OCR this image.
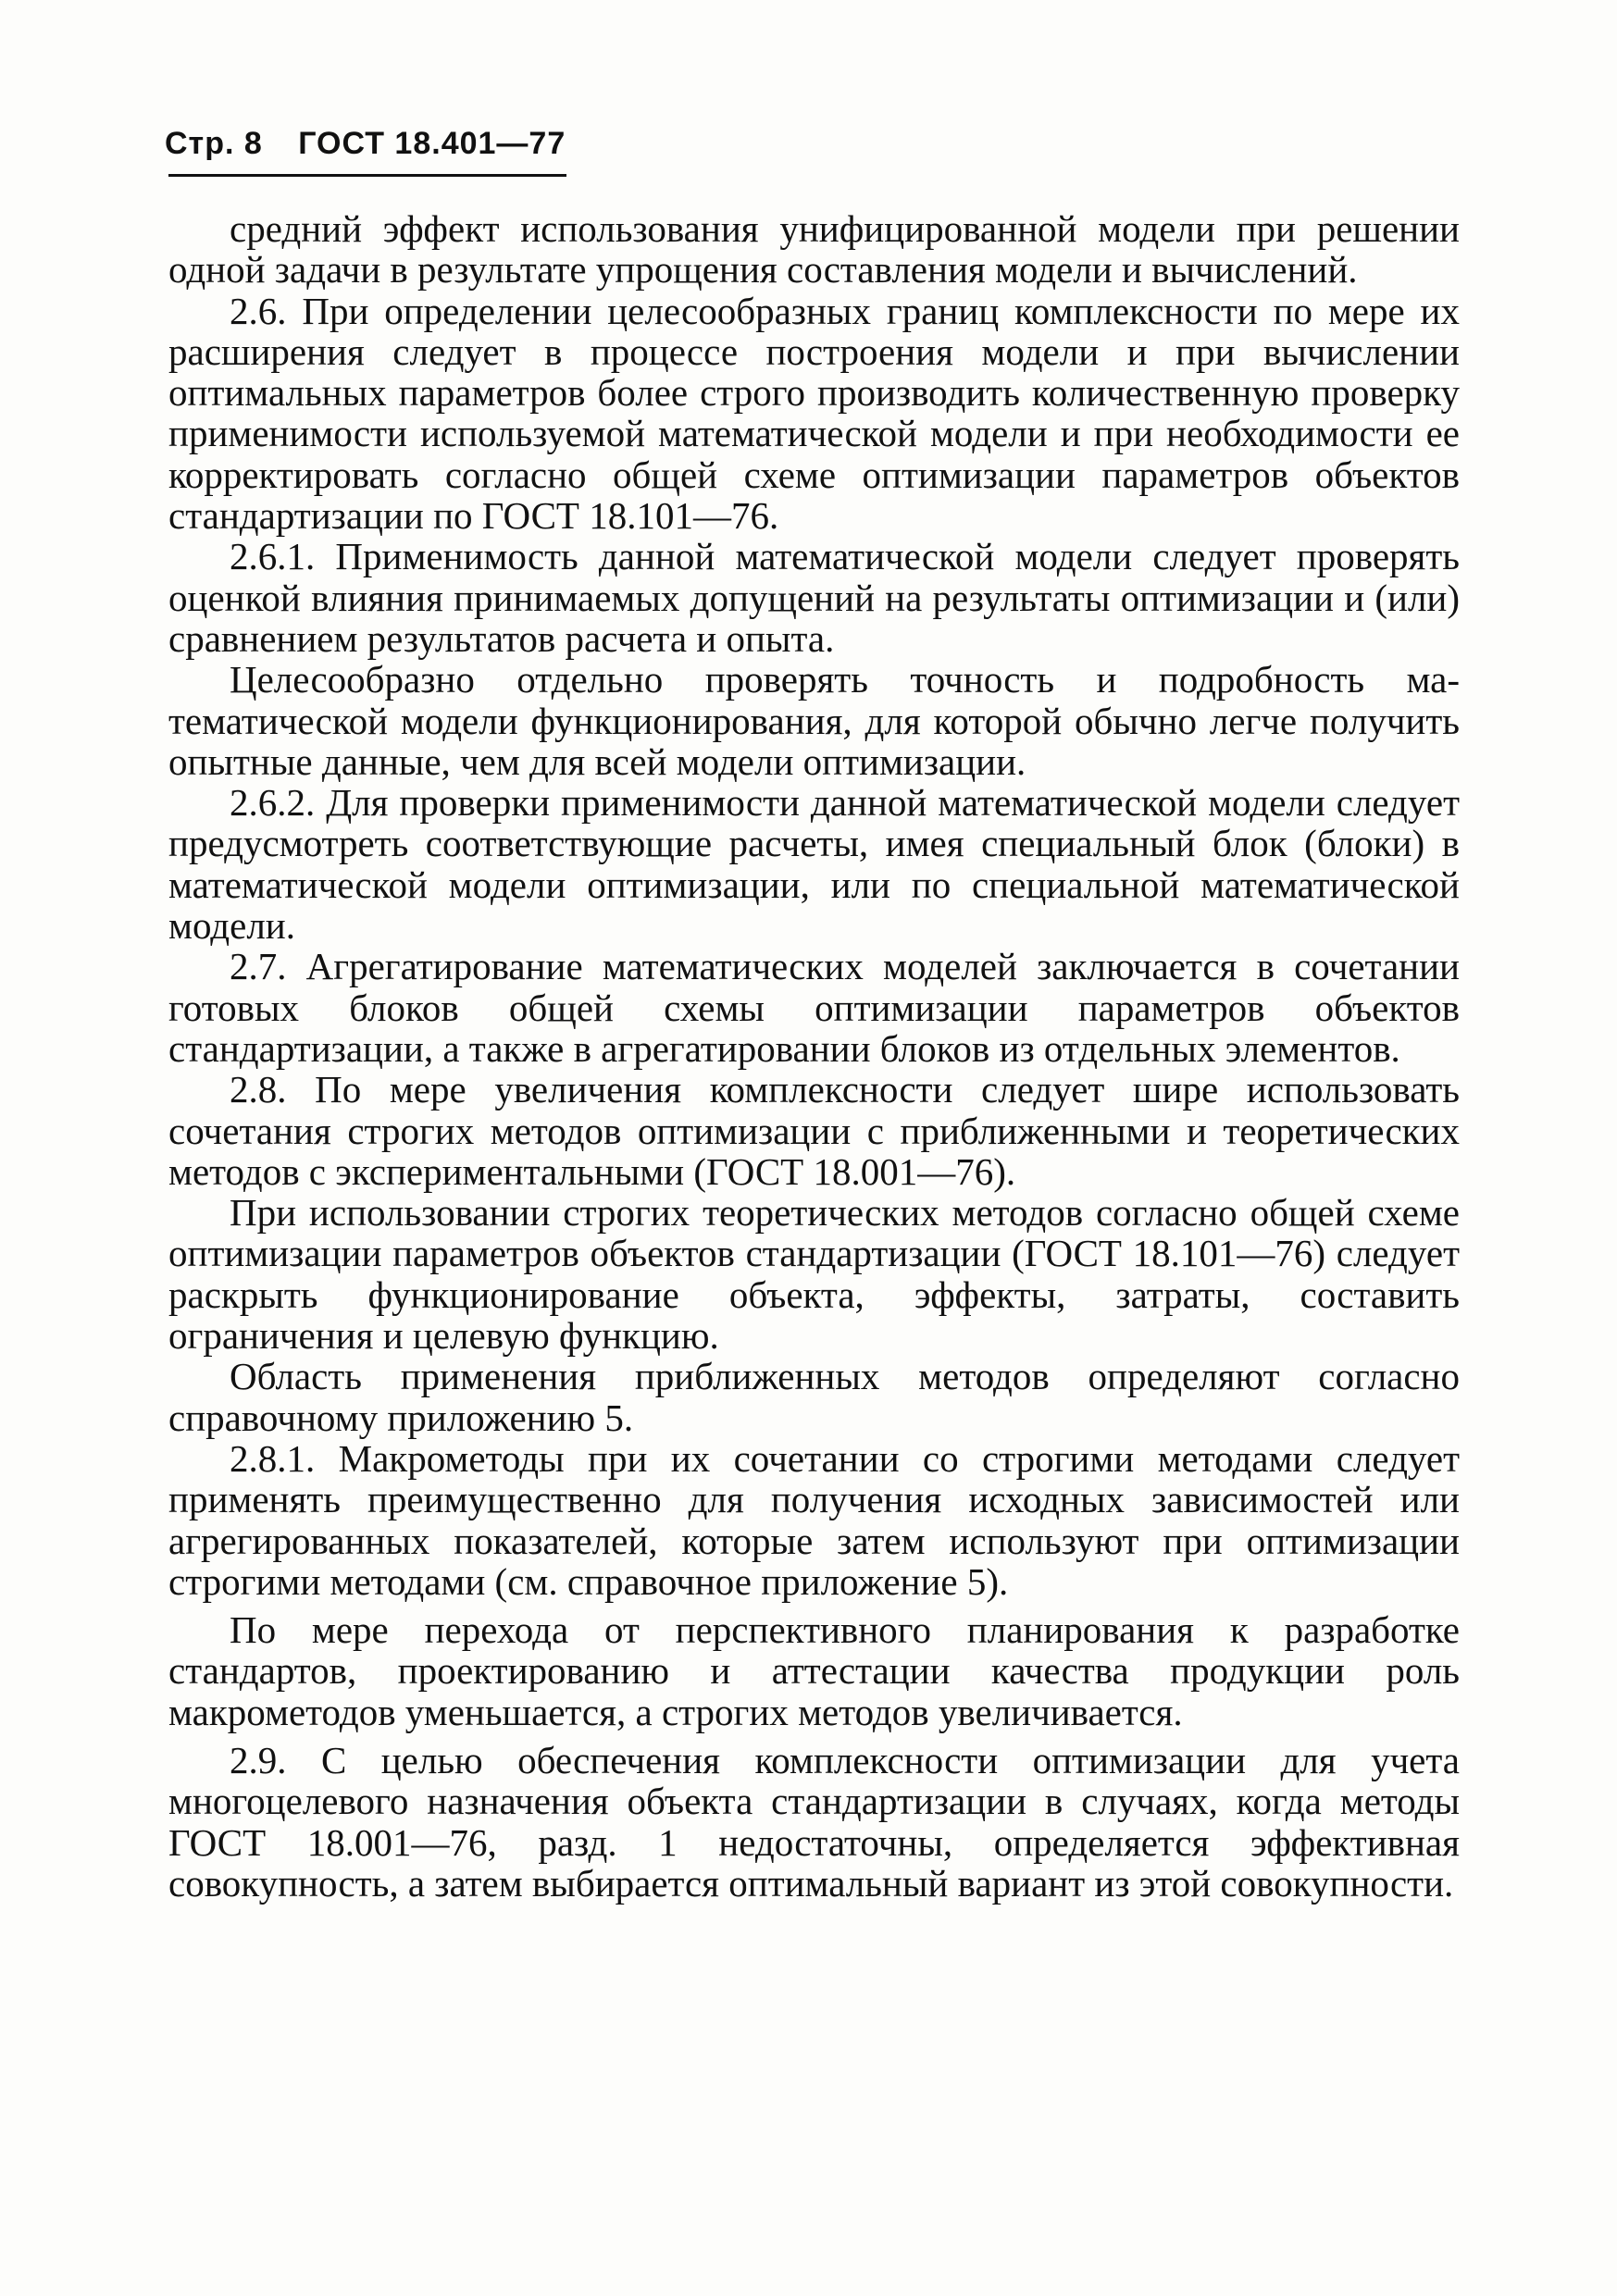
Стр. 8 ГОСТ 18.401—77

средний эффект использования унифицированной модели при решении одной задачи в результате упрощения составления модели и вычислений.

2.6. При определении целесообразных границ комплексности по мере их расширения следует в процессе построения модели и при вычислении оптимальных параметров более строго производить количественную проверку применимости используемой математической модели и при необходимости ее корректировать согласно общей схеме оптимизации параметров объектов стандартизации по ГОСТ 18.101—76.

2.6.1. Применимость данной математической модели следует проверять оценкой влияния принимаемых допущений на результаты оптимизации и (или) сравнением результатов расчета и опыта.

Целесообразно отдельно проверять точность и подробность математической модели функционирования, для которой обычно легче получить опытные данные, чем для всей модели оптимизации.

2.6.2. Для проверки применимости данной математической модели следует предусмотреть соответствующие расчеты, имея специальный блок (блоки) в математической модели оптимизации, или по специальной математической модели.

2.7. Агрегатирование математических моделей заключается в сочетании готовых блоков общей схемы оптимизации параметров объектов стандартизации, а также в агрегатировании блоков из отдельных элементов.

2.8. По мере увеличения комплексности следует шире использовать сочетания строгих методов оптимизации с приближенными и теоретических методов с экспериментальными (ГОСТ 18.001—76).

При использовании строгих теоретических методов согласно общей схеме оптимизации параметров объектов стандартизации (ГОСТ 18.101—76) следует раскрыть функционирование объекта, эффекты, затраты, составить ограничения и целевую функцию.

Область применения приближенных методов определяют согласно справочному приложению 5.

2.8.1. Макрометоды при их сочетании со строгими методами следует применять преимущественно для получения исходных зависимостей или агрегированных показателей, которые затем используют при оптимизации строгими методами (см. справочное приложение 5).

По мере перехода от перспективного планирования к разработке стандартов, проектированию и аттестации качества продукции роль макрометодов уменьшается, а строгих методов увеличивается.

2.9. С целью обеспечения комплексности оптимизации для учета многоцелевого назначения объекта стандартизации в случаях, когда методы ГОСТ 18.001—76, разд. 1 недостаточны, определяется эффективная совокупность, а затем выбирается оптимальный вариант из этой совокупности.
